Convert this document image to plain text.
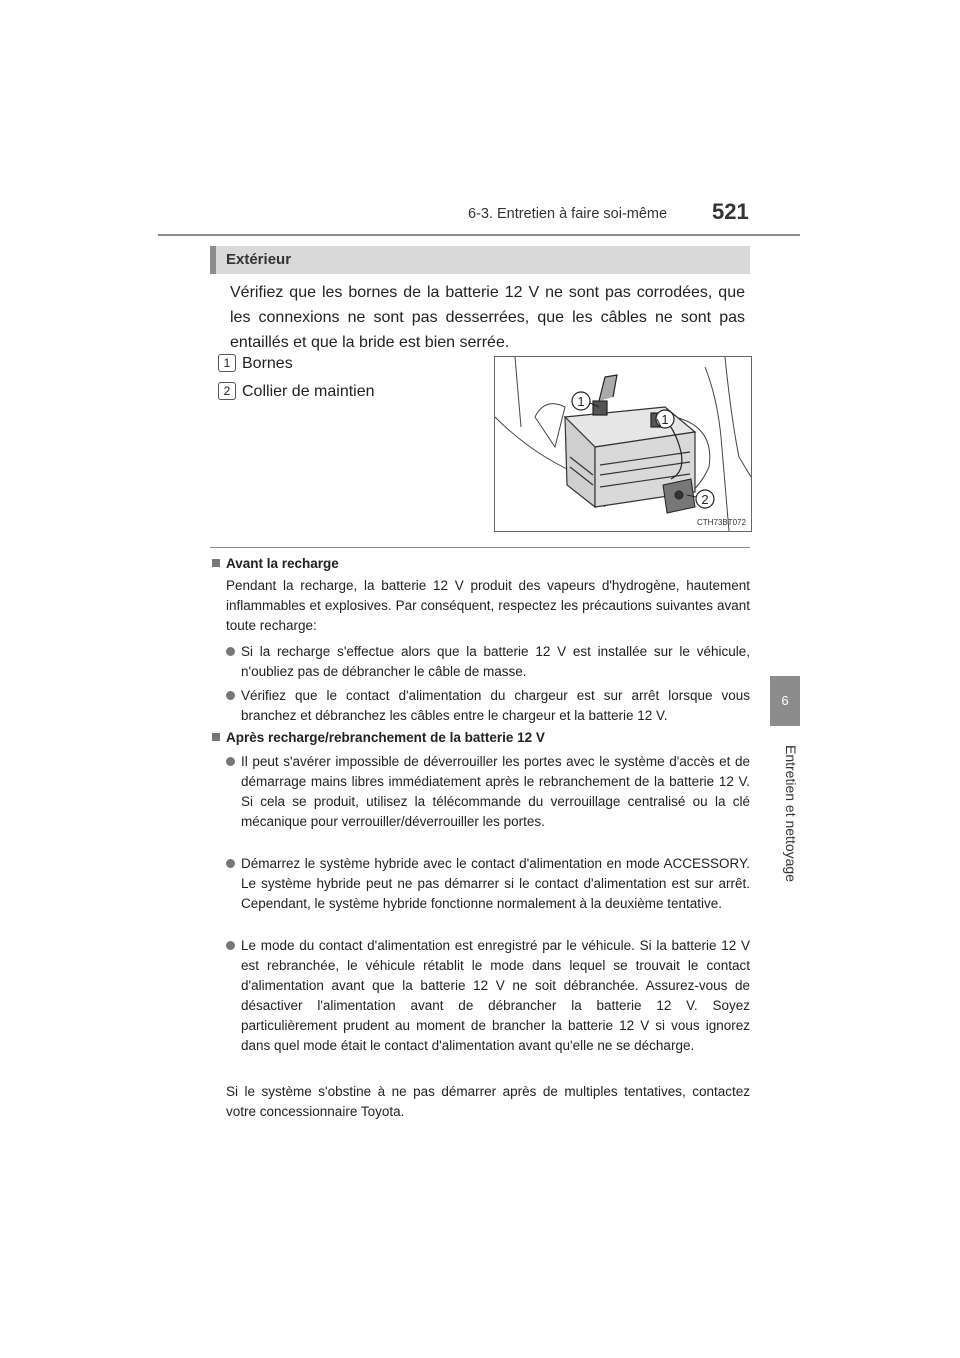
6-3. Entretien à faire soi-même 521
6
Entretien et nettoyage
Extérieur
Vérifiez que les bornes de la batterie 12 V ne sont pas corrodées, que les connexions ne sont pas desserrées, que les câbles ne sont pas entaillés et que la bride est bien serrée.
1 Bornes
2 Collier de maintien
1
1
2
CTH73BT072
Avant la recharge
Pendant la recharge, la batterie 12 V produit des vapeurs d'hydrogène, hautement inflammables et explosives. Par conséquent, respectez les précautions suivantes avant toute recharge:
Si la recharge s'effectue alors que la batterie 12 V est installée sur le véhicule, n'oubliez pas de débrancher le câble de masse.
Vérifiez que le contact d'alimentation du chargeur est sur arrêt lorsque vous branchez et débranchez les câbles entre le chargeur et la batterie 12 V.
Après recharge/rebranchement de la batterie 12 V
Il peut s'avérer impossible de déverrouiller les portes avec le système d'accès et de démarrage mains libres immédiatement après le rebranchement de la batterie 12 V. Si cela se produit, utilisez la télécommande du verrouillage centralisé ou la clé mécanique pour verrouiller/déverrouiller les portes.
Démarrez le système hybride avec le contact d'alimentation en mode ACCESSORY. Le système hybride peut ne pas démarrer si le contact d'alimentation est sur arrêt. Cependant, le système hybride fonctionne normalement à la deuxième tentative.
Le mode du contact d'alimentation est enregistré par le véhicule. Si la batterie 12 V est rebranchée, le véhicule rétablit le mode dans lequel se trouvait le contact d'alimentation avant que la batterie 12 V ne soit débranchée. Assurez-vous de désactiver l'alimentation avant de débrancher la batterie 12 V. Soyez particulièrement prudent au moment de brancher la batterie 12 V si vous ignorez dans quel mode était le contact d'alimentation avant qu'elle ne se décharge.
Si le système s'obstine à ne pas démarrer après de multiples tentatives, contactez votre concessionnaire Toyota.
